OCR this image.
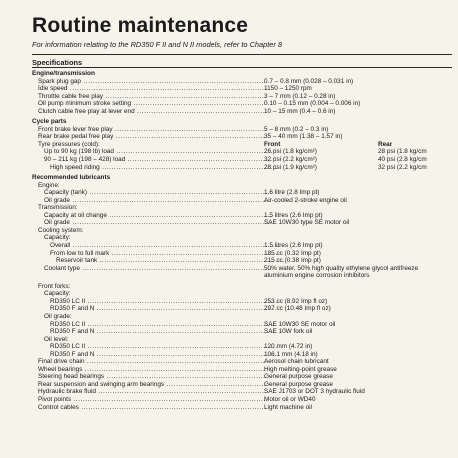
Routine maintenance
For information relating to the RD350 F II and N II models, refer to Chapter 8
Specifications
Engine/transmission
Spark plug gap .....	0.7 – 0.8 mm (0.028 – 0.031 in)
Idle speed .....	1150 – 1250 rpm
Throttle cable free play .....	3 – 7 mm (0.12 – 0.28 in)
Oil pump minimum stroke setting .....	0.10 – 0.15 mm (0.004 – 0.006 in)
Clutch cable free play at lever end .....	10 – 15 mm (0.4 – 0.6 in)
Cycle parts
Front brake lever free play .....	5 – 8 mm (0.2 – 0.3 in)
Rear brake pedal free play .....	35 – 40 mm (1.38 – 1.57 in)
Tyre pressures (cold):	Front	Rear
Up to 90 kg (198 lb) load .....	26 psi (1.8 kg/cm²)	28 psi (1.8 kg/cm
90 – 211 kg (198 – 428) load .....	32 psi (2.2 kg/cm²)	40 psi (2.8 kg/cm
High speed riding .....	28 psi (1.9 kg/cm²)	32 psi (2.2 kg/cm
Recommended lubricants
Engine:
Capacity (tank) .....	1.6 litre (2.8 Imp pt)
Oil grade .....	Air-cooled 2-stroke engine oil
Transmission:
Capacity at oil change .....	1.5 litres (2.6 Imp pt)
Oil grade .....	SAE 10W30 type SE motor oil
Cooling system:
Capacity:
Overall .....	1.5 litres (2.6 Imp pt)
From low to full mark .....	185 cc (0.32 Imp pt)
Reservoir tank .....	215 cc (0.38 Imp pt)
Coolant type .....	50% water, 50% high quality ethylene glycol antifreeze
aluminium engine corrosion inhibitors
Front forks:
Capacity:
RD350 LC II .....	253 cc (8.92 Imp fl oz)
RD350 F and N .....	297 cc (10.48 Imp fl oz)
Oil grade:
RD350 LC II .....	SAE 10W30 SE motor oil
RD350 F and N .....	SAE 10W fork oil
Oil level:
RD350 LC II .....	120 mm (4.72 in)
RD350 F and N .....	106.1 mm (4.18 in)
Final drive chain .....	Aerosol chain lubricant
Wheel bearings .....	High melting-point grease
Steering head bearings .....	General purpose grease
Rear suspension and swinging arm bearings .....	General purpose grease
Hydraulic brake fluid .....	SAE J1703 or DOT 3 hydraulic fluid
Pivot points .....	Motor oil or WD40
Control cables .....	Light machine oil
